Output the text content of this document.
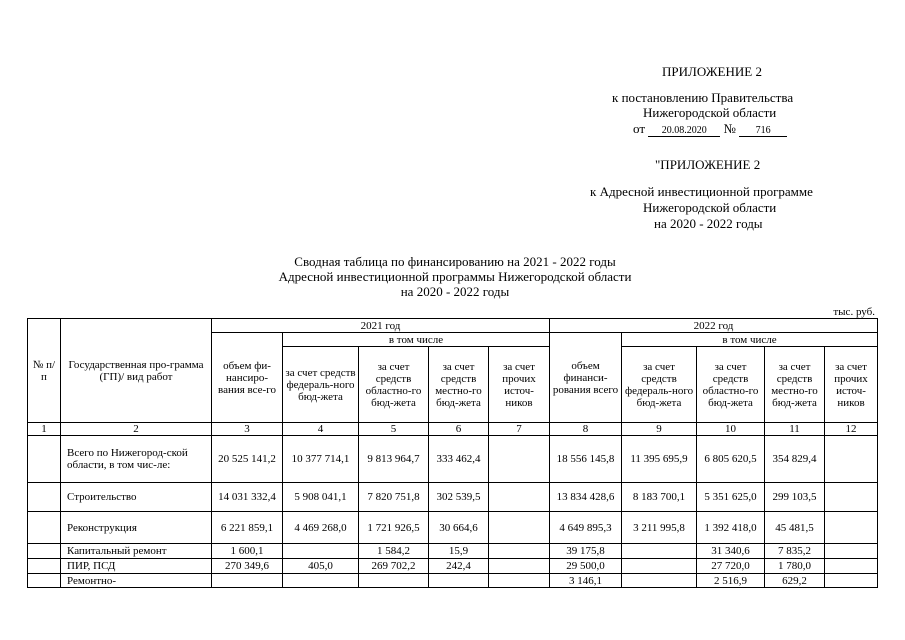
ПРИЛОЖЕНИЕ 2
к постановлению Правительства
Нижегородской области
от 20.08.2020 № 716
"ПРИЛОЖЕНИЕ 2
к Адресной инвестиционной программе
Нижегородской области
на 2020 - 2022 годы
Сводная таблица по финансированию на 2021 - 2022 годы
Адресной инвестиционной программы Нижегородской области
на 2020 - 2022 годы
тыс. руб.
№ п/п	Государственная про-грамма (ГП)/ вид работ	2021 год					2022 год				
		объем фи-нансиро-вания все-го	в том числе				объем финанси-рования всего	в том числе			
			за счет средств федераль-ного бюд-жета	за счет средств областно-го бюд-жета	за счет средств местно-го бюд-жета	за счет прочих источ-ников		за счет средств федераль-ного бюд-жета	за счет средств областно-го бюд-жета	за счет средств местно-го бюд-жета	за счет прочих источ-ников
1	2	3	4	5	6	7	8	9	10	11	12
	Всего по Нижегород-ской области, в том чис-ле:	20 525 141,2	10 377 714,1	9 813 964,7	333 462,4		18 556 145,8	11 395 695,9	6 805 620,5	354 829,4	
	Строительство	14 031 332,4	5 908 041,1	7 820 751,8	302 539,5		13 834 428,6	8 183 700,1	5 351 625,0	299 103,5	
	Реконструкция	6 221 859,1	4 469 268,0	1 721 926,5	30 664,6		4 649 895,3	3 211 995,8	1 392 418,0	45 481,5	
	Капитальный ремонт	1 600,1		1 584,2	15,9		39 175,8		31 340,6	7 835,2	
	ПИР, ПСД	270 349,6	405,0	269 702,2	242,4		29 500,0		27 720,0	1 780,0	
	Ремонтно-						3 146,1		2 516,9	629,2	
